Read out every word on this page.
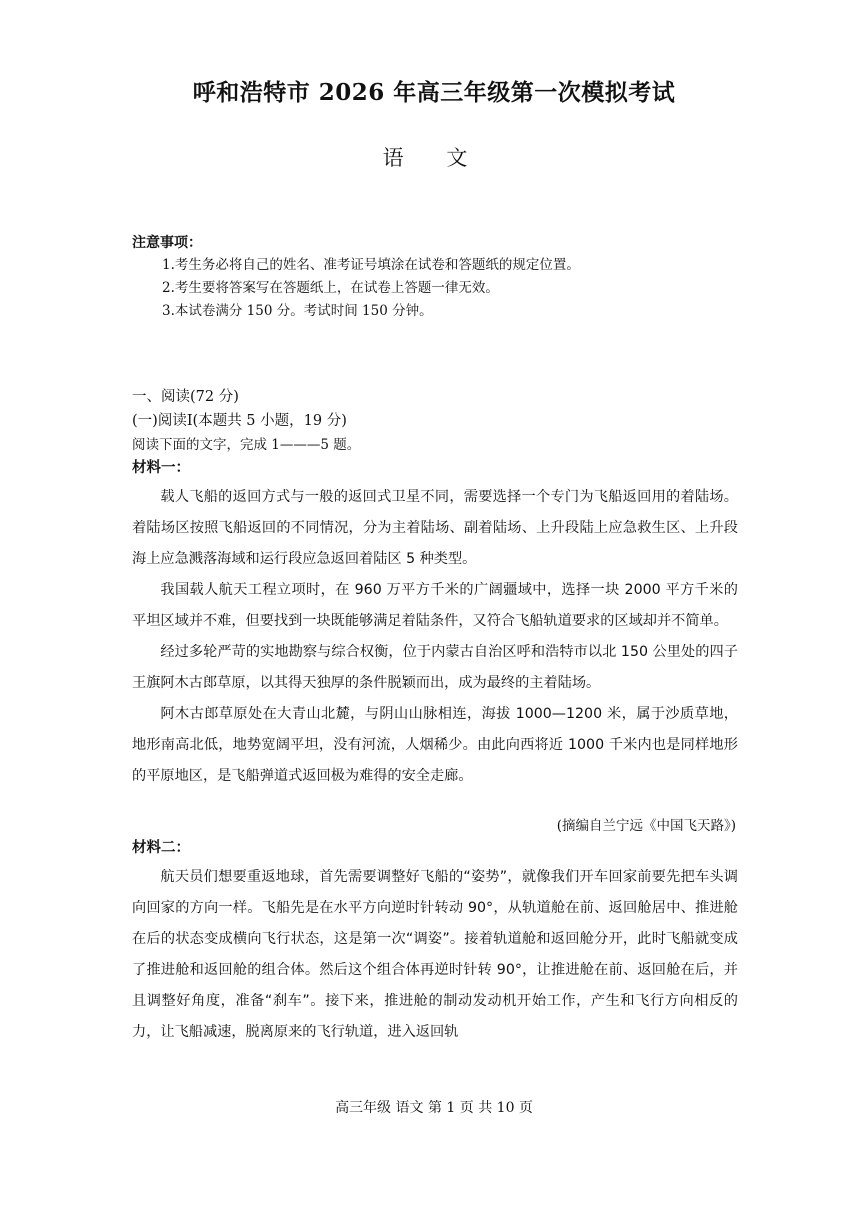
呼和浩特市 2026 年高三年级第一次模拟考试
语 文
注意事项：
1.考生务必将自己的姓名、准考证号填涂在试卷和答题纸的规定位置。
2.考生要将答案写在答题纸上，在试卷上答题一律无效。
3.本试卷满分 150 分。考试时间 150 分钟。
一、阅读(72 分)
(一)阅读Ⅰ(本题共 5 小题，19 分)
阅读下面的文字，完成 1———5 题。
材料一：

载人飞船的返回方式与一般的返回式卫星不同，需要选择一个专门为飞船返回用的着陆场。着陆场区按照飞船返回的不同情况，分为主着陆场、副着陆场、上升段陆上应急救生区、上升段海上应急溅落海域和运行段应急返回着陆区 5 种类型。

我国载人航天工程立项时，在 960 万平方千米的广阔疆域中，选择一块 2000 平方千米的平坦区域并不难，但要找到一块既能够满足着陆条件，又符合飞船轨道要求的区域却并不简单。

经过多轮严苛的实地勘察与综合权衡，位于内蒙古自治区呼和浩特市以北 150 公里处的四子王旗阿木古郎草原，以其得天独厚的条件脱颖而出，成为最终的主着陆场。

阿木古郎草原处在大青山北麓，与阴山山脉相连，海拔 1000—1200 米，属于沙质草地，地形南高北低，地势宽阔平坦，没有河流，人烟稀少。由此向西将近 1000 千米内也是同样地形的平原地区，是飞船弹道式返回极为难得的安全走廊。

(摘编自兰宁远《中国飞天路》)
材料二：

航天员们想要重返地球，首先需要调整好飞船的“姿势”，就像我们开车回家前要先把车头调向回家的方向一样。飞船先是在水平方向逆时针转动 90°，从轨道舱在前、返回舱居中、推进舱在后的状态变成横向飞行状态，这是第一次“调姿”。接着轨道舱和返回舱分开，此时飞船就变成了推进舱和返回舱的组合体。然后这个组合体再逆时针转 90°，让推进舱在前、返回舱在后，并且调整好角度，准备“刹车”。接下来，推进舱的制动发动机开始工作，产生和飞行方向相反的力，让飞船减速，脱离原来的飞行轨道，进入返回轨

高三年级 语文 第 1 页 共 10 页
